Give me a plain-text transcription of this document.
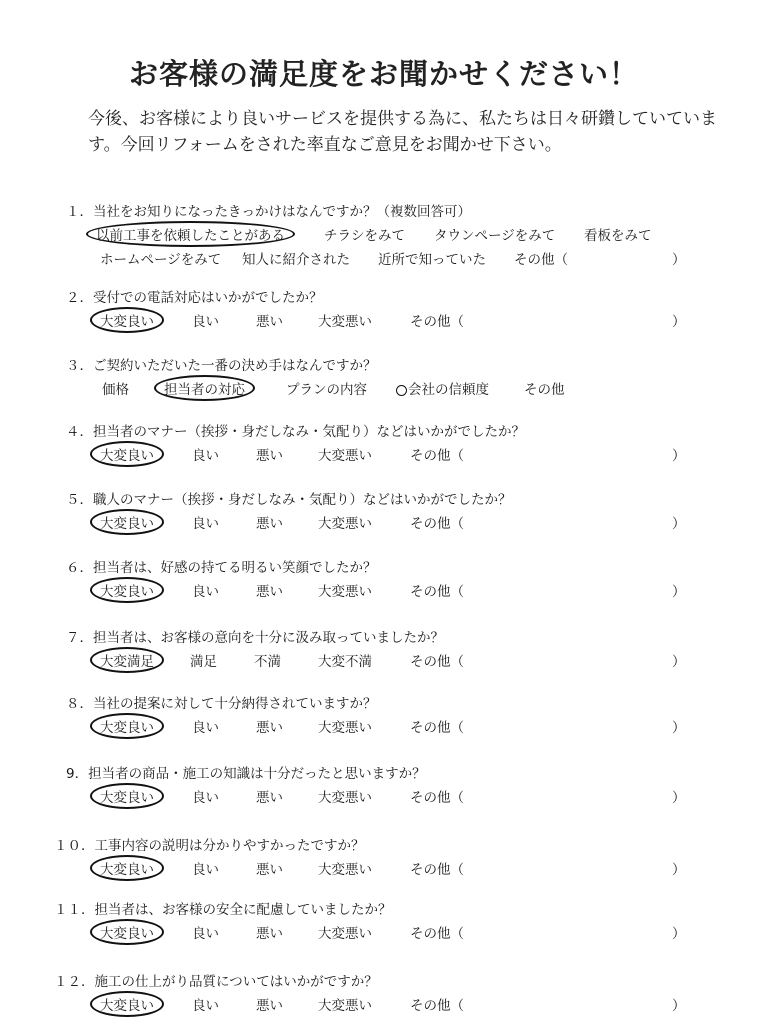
お客様の満足度をお聞かせください！
今後、お客様により良いサービスを提供する為に、私たちは日々研鑽していています。今回リフォームをされた率直なご意見をお聞かせ下さい。
１．当社をお知りになったきっかけはなんですか？（複数回答可）
以前工事を依頼したことがある	チラシをみて タウンページをみて 看板をみて
ホームページをみて 知人に紹介された 近所で知っていた その他（	）
２．受付での電話対応はいかがでしたか？
大変良い	良い	悪い	大変悪い	その他（	）
３．ご契約いただいた一番の決め手はなんですか？
価格	担当者の対応	プランの内容	会社の信頼度	その他
４．担当者のマナー（挨拶・身だしなみ・気配り）などはいかがでしたか？
大変良い	良い	悪い	大変悪い	その他（	）
５．職人のマナー（挨拶・身だしなみ・気配り）などはいかがでしたか？
大変良い	良い	悪い	大変悪い	その他（	）
６．担当者は、好感の持てる明るい笑顔でしたか？
大変良い	良い	悪い	大変悪い	その他（	）
７．担当者は、お客様の意向を十分に汲み取っていましたか？
大変満足	満足	不満	大変不満	その他（	）
８．当社の提案に対して十分納得されていますか？
大変良い	良い	悪い	大変悪い	その他（	）
9．担当者の商品・施工の知識は十分だったと思いますか？
大変良い	良い	悪い	大変悪い	その他（	）
１０．工事内容の説明は分かりやすかったですか？
大変良い	良い	悪い	大変悪い	その他（	）
１１．担当者は、お客様の安全に配慮していましたか？
大変良い	良い	悪い	大変悪い	その他（	）
１２．施工の仕上がり品質についてはいかがですか？
大変良い	良い	悪い	大変悪い	その他（	）
